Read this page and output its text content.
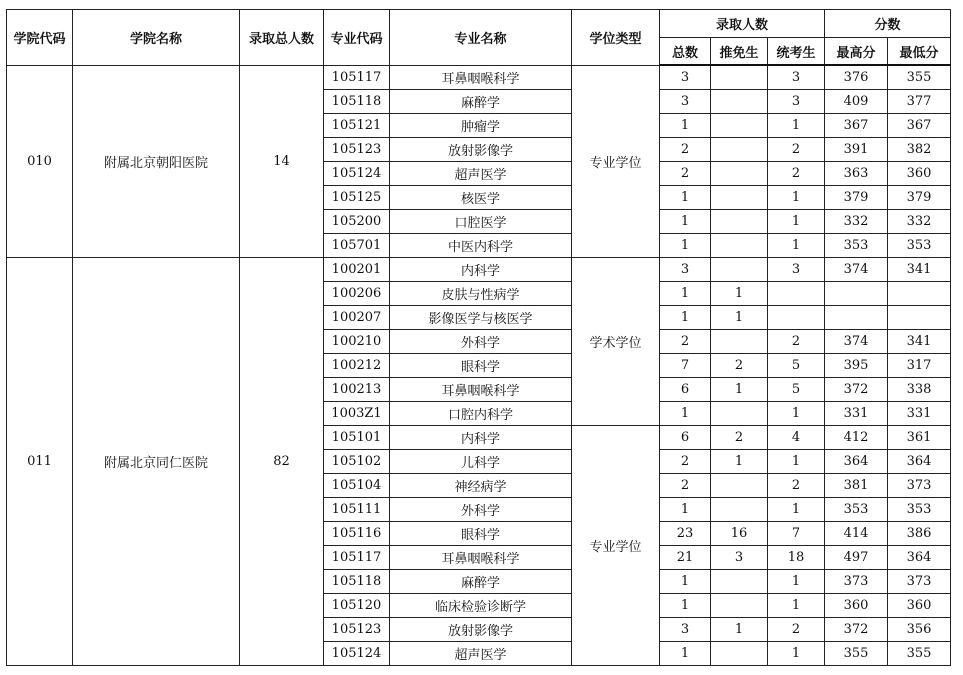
学院代码	学院名称	录取总人数	专业代码	专业名称	学位类型	录取人数			分数	
						总数	推免生	统考生	最高分	最低分
010	附属北京朝阳医院	14	105117	耳鼻咽喉科学	专业学位	3		3	376	355
			105118	麻醉学		3		3	409	377
			105121	肿瘤学		1		1	367	367
			105123	放射影像学		2		2	391	382
			105124	超声医学		2		2	363	360
			105125	核医学		1		1	379	379
			105200	口腔医学		1		1	332	332
			105701	中医内科学		1		1	353	353
011	附属北京同仁医院	82	100201	内科学	学术学位	3		3	374	341
			100206	皮肤与性病学		1	1			
			100207	影像医学与核医学		1	1			
			100210	外科学		2		2	374	341
			100212	眼科学		7	2	5	395	317
			100213	耳鼻咽喉科学		6	1	5	372	338
			1003Z1	口腔内科学		1		1	331	331
			105101	内科学	专业学位	6	2	4	412	361
			105102	儿科学		2	1	1	364	364
			105104	神经病学		2		2	381	373
			105111	外科学		1		1	353	353
			105116	眼科学		23	16	7	414	386
			105117	耳鼻咽喉科学		21	3	18	497	364
			105118	麻醉学		1		1	373	373
			105120	临床检验诊断学		1		1	360	360
			105123	放射影像学		3	1	2	372	356
			105124	超声医学		1		1	355	355
